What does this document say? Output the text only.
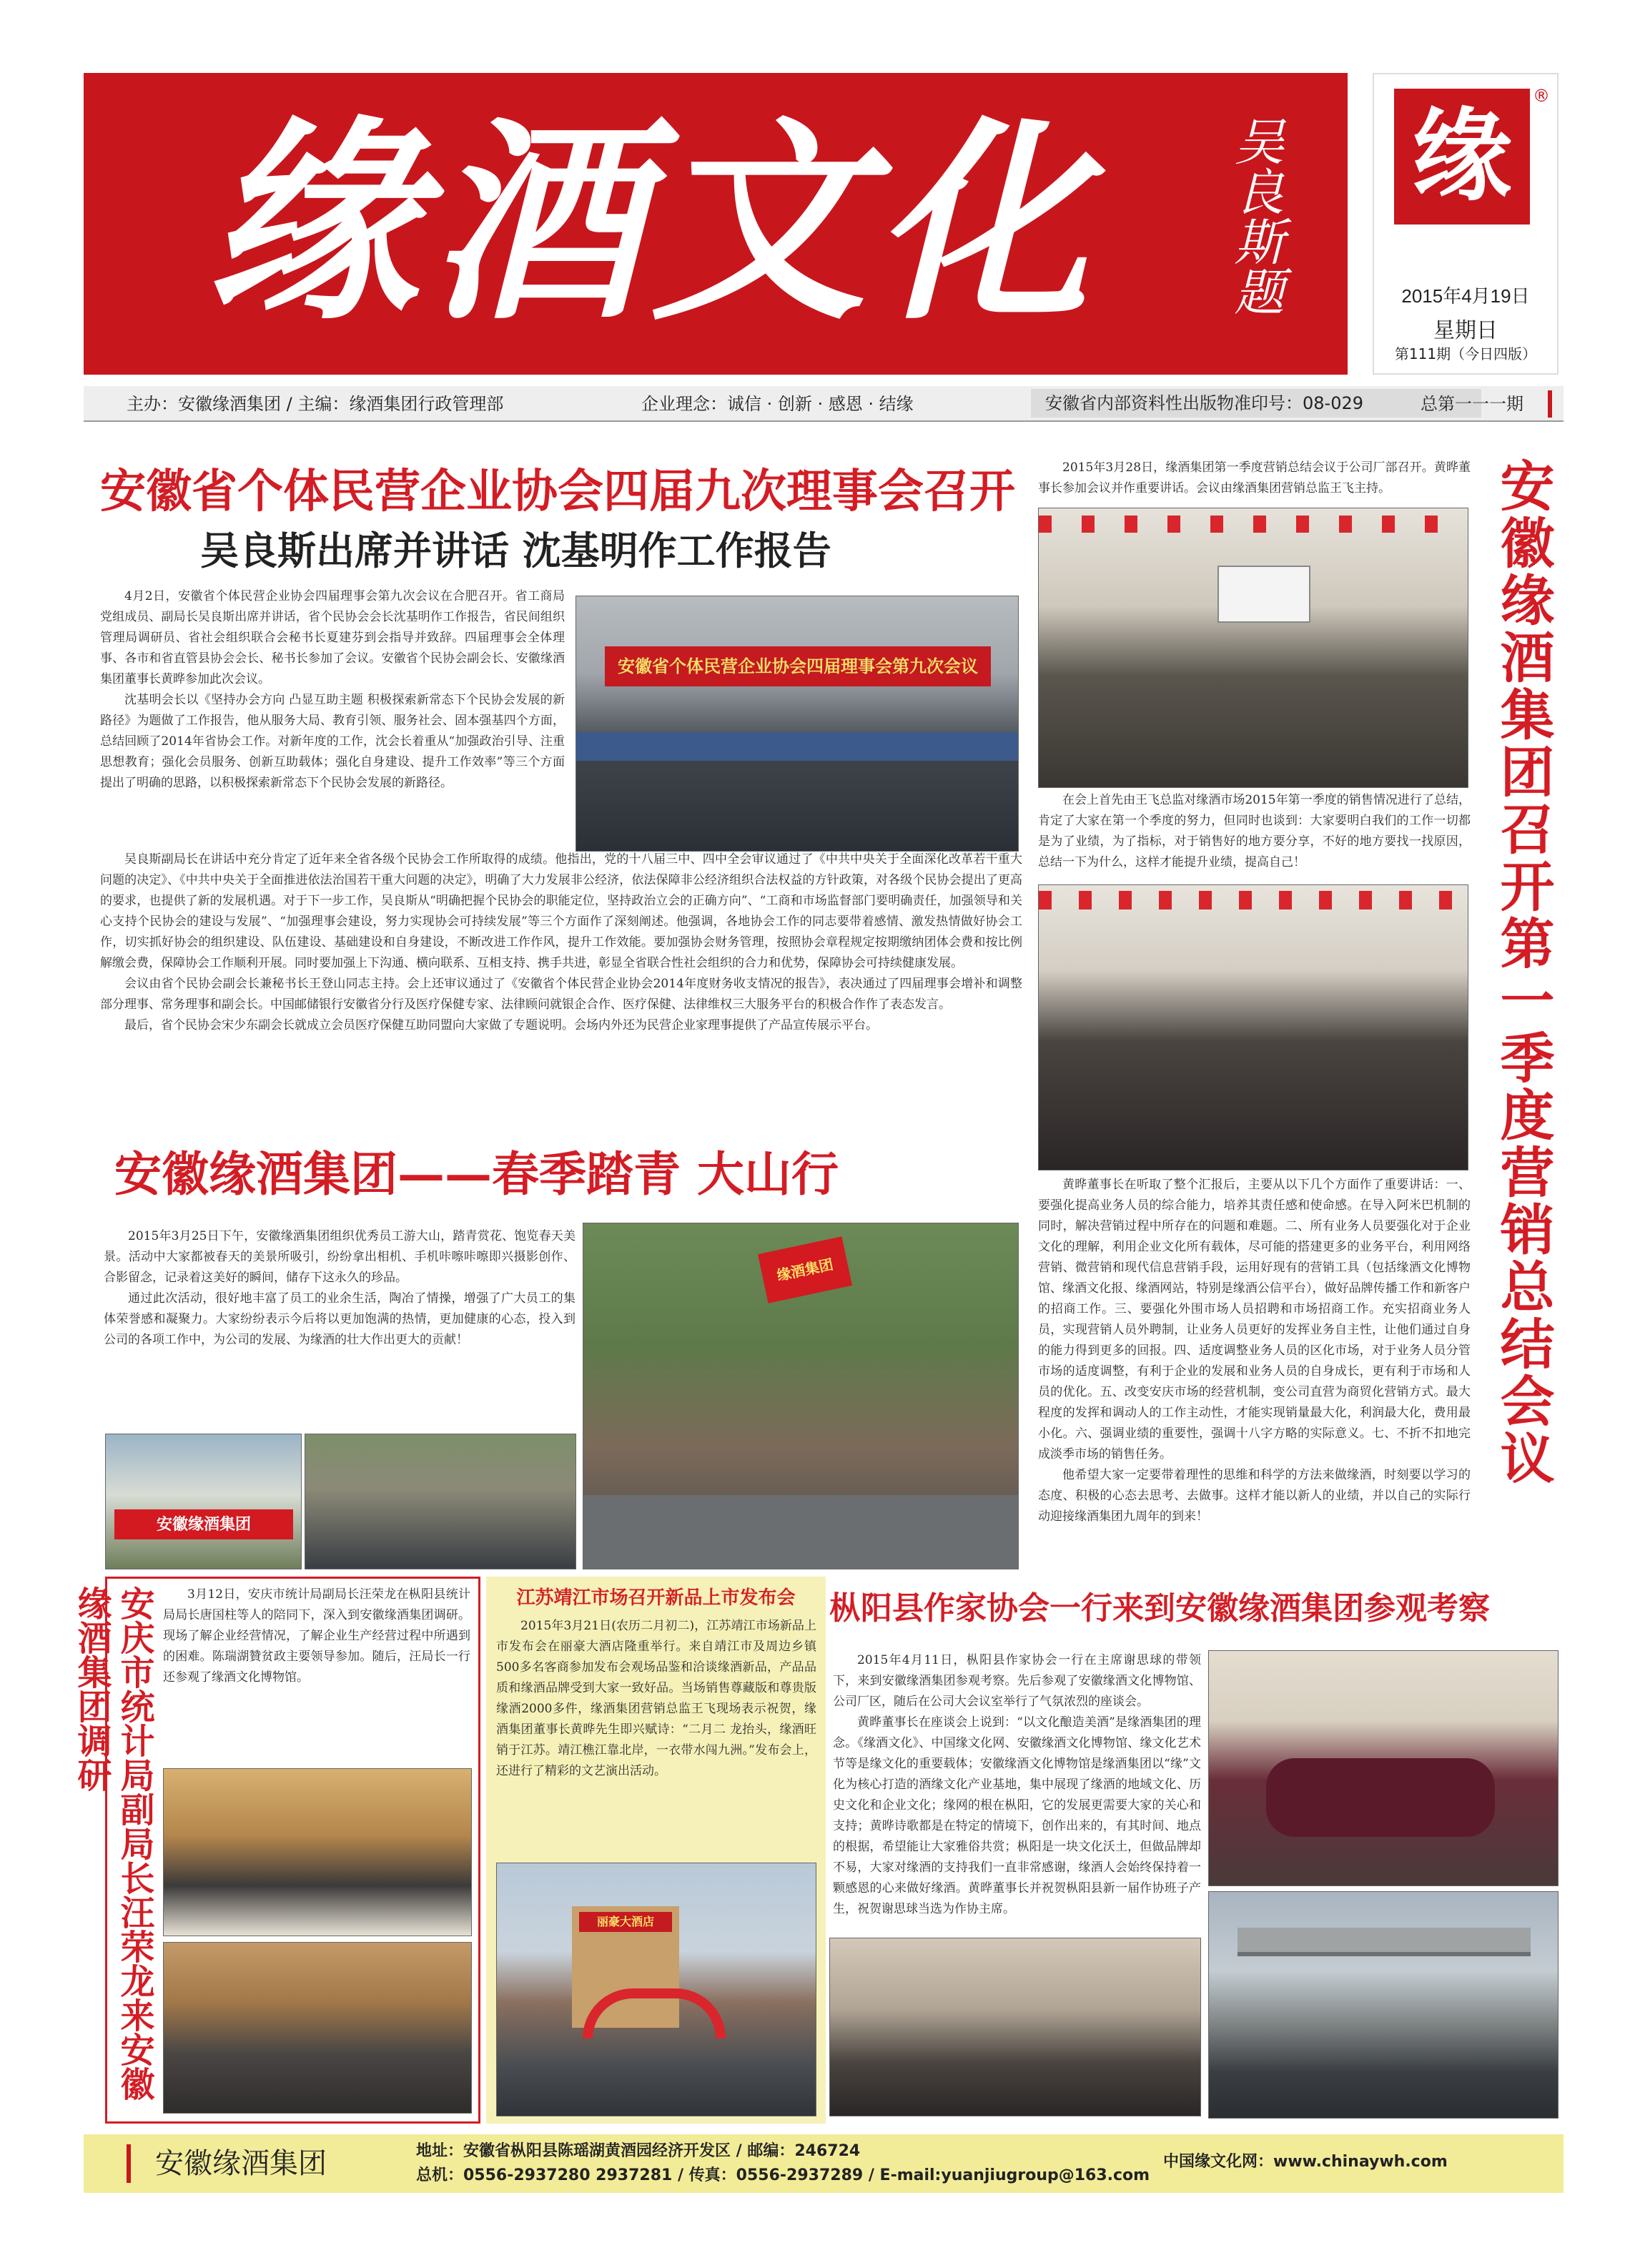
缘酒文化	吴良斯题 缘
®
2015年4月19日
星期日
第111期（今日四版）
主办：安徽缘酒集团 / 主编：缘酒集团行政管理部	企业理念：诚信 · 创新 · 感恩 · 结缘	安徽省内部资料性出版物准印号：08-029	总第一一一期
安徽省个体民营企业协会四届九次理事会召开
吴良斯出席并讲话 沈基明作工作报告

4月2日，安徽省个体民营企业协会四届理事会第九次会议在合肥召开。省工商局党组成员、副局长吴良斯出席并讲话，省个民协会会长沈基明作工作报告，省民间组织管理局调研员、省社会组织联合会秘书长夏建芬到会指导并致辞。四届理事会全体理事、各市和省直管县协会会长、秘书长参加了会议。安徽省个民协会副会长、安徽缘酒集团董事长黄晔参加此次会议。

沈基明会长以《坚持办会方向 凸显互助主题 积极探索新常态下个民协会发展的新路径》为题做了工作报告，他从服务大局、教育引领、服务社会、固本强基四个方面，总结回顾了2014年省协会工作。对新年度的工作，沈会长着重从“加强政治引导、注重思想教育；强化会员服务、创新互助载体；强化自身建设、提升工作效率”等三个方面提出了明确的思路，以积极探索新常态下个民协会发展的新路径。

安徽省个体民营企业协会四届理事会第九次会议

吴良斯副局长在讲话中充分肯定了近年来全省各级个民协会工作所取得的成绩。他指出，党的十八届三中、四中全会审议通过了《中共中央关于全面深化改革若干重大问题的决定》、《中共中央关于全面推进依法治国若干重大问题的决定》，明确了大力发展非公经济，依法保障非公经济组织合法权益的方针政策，对各级个民协会提出了更高的要求，也提供了新的发展机遇。对于下一步工作，吴良斯从“明确把握个民协会的职能定位，坚持政治立会的正确方向”、“工商和市场监督部门要明确责任，加强领导和关心支持个民协会的建设与发展”、“加强理事会建设，努力实现协会可持续发展”等三个方面作了深刻阐述。他强调，各地协会工作的同志要带着感情、激发热情做好协会工作，切实抓好协会的组织建设、队伍建设、基础建设和自身建设，不断改进工作作风，提升工作效能。要加强协会财务管理，按照协会章程规定按期缴纳团体会费和按比例解缴会费，保障协会工作顺利开展。同时要加强上下沟通、横向联系、互相支持、携手共进，彰显全省联合性社会组织的合力和优势，保障协会可持续健康发展。

会议由省个民协会副会长兼秘书长王登山同志主持。会上还审议通过了《安徽省个体民营企业协会2014年度财务收支情况的报告》，表决通过了四届理事会增补和调整部分理事、常务理事和副会长。中国邮储银行安徽省分行及医疗保健专家、法律顾问就银企合作、医疗保健、法律维权三大服务平台的积极合作作了表态发言。

最后，省个民协会宋少东副会长就成立会员医疗保健互助同盟向大家做了专题说明。会场内外还为民营企业家理事提供了产品宣传展示平台。

安徽缘酒集团——春季踏青 大山行

2015年3月25日下午，安徽缘酒集团组织优秀员工游大山，踏青赏花、饱览春天美景。活动中大家都被春天的美景所吸引，纷纷拿出相机、手机咔嚓咔嚓即兴摄影创作、合影留念，记录着这美好的瞬间，储存下这永久的珍品。

通过此次活动，很好地丰富了员工的业余生活，陶冶了情操，增强了广大员工的集体荣誉感和凝聚力。大家纷纷表示今后将以更加饱满的热情，更加健康的心态，投入到公司的各项工作中，为公司的发展、为缘酒的壮大作出更大的贡献！

缘酒集团
安徽缘酒集团

2015年3月28日，缘酒集团第一季度营销总结会议于公司厂部召开。黄晔董事长参加会议并作重要讲话。会议由缘酒集团营销总监王飞主持。

在会上首先由王飞总监对缘酒市场2015年第一季度的销售情况进行了总结，肯定了大家在第一个季度的努力，但同时也谈到：大家要明白我们的工作一切都是为了业绩，为了指标，对于销售好的地方要分享，不好的地方要找一找原因，总结一下为什么，这样才能提升业绩，提高自己！

黄晔董事长在听取了整个汇报后，主要从以下几个方面作了重要讲话：一、要强化提高业务人员的综合能力，培养其责任感和使命感。在导入阿米巴机制的同时，解决营销过程中所存在的问题和难题。二、所有业务人员要强化对于企业文化的理解，利用企业文化所有载体，尽可能的搭建更多的业务平台，利用网络营销、微营销和现代信息营销手段，运用好现有的营销工具（包括缘酒文化博物馆、缘酒文化报、缘酒网站，特别是缘酒公信平台），做好品牌传播工作和新客户的招商工作。三、要强化外围市场人员招聘和市场招商工作。充实招商业务人员，实现营销人员外聘制，让业务人员更好的发挥业务自主性，让他们通过自身的能力得到更多的回报。四、适度调整业务人员的区化市场，对于业务人员分管市场的适度调整，有利于企业的发展和业务人员的自身成长，更有利于市场和人员的优化。五、改变安庆市场的经营机制，变公司直营为商贸化营销方式。最大程度的发挥和调动人的工作主动性，才能实现销量最大化，利润最大化，费用最小化。六、强调业绩的重要性，强调十八字方略的实际意义。七、不折不扣地完成淡季市场的销售任务。

他希望大家一定要带着理性的思维和科学的方法来做缘酒，时刻要以学习的态度、积极的心态去思考、去做事。这样才能以新人的业绩，并以自己的实际行动迎接缘酒集团九周年的到来！

安徽缘酒集团召开第一季度营销总结会议
安庆市统计局副局长汪荣龙来安徽缘酒集团调研	3月12日，安庆市统计局副局长汪荣龙在枞阳县统计局局长唐国柱等人的陪同下，深入到安徽缘酒集团调研。现场了解企业经营情况，了解企业生产经营过程中所遇到的困难。陈瑞湖贊贫政主要领导参加。随后，汪局长一行还参观了缘酒文化博物馆。

江苏靖江市场召开新品上市发布会

2015年3月21日(农历二月初二)，江苏靖江市场新品上市发布会在丽豪大酒店隆重举行。来自靖江市及周边乡镇500多名客商参加发布会观场品鉴和洽谈缘酒新品，产品品质和缘酒品牌受到大家一致好品。当场销售尊藏版和尊贵版缘酒2000多件，缘酒集团营销总监王飞现场表示祝贺，缘酒集团董事长黄晔先生即兴赋诗：“二月二 龙抬头，缘酒旺销于江苏。靖江樵江靠北岸，一衣带水闯九洲。”发布会上，还进行了精彩的文艺演出活动。

丽豪大酒店
枞阳县作家协会一行来到安徽缘酒集团参观考察

2015年4月11日，枞阳县作家协会一行在主席谢思球的带领下，来到安徽缘酒集团参观考察。先后参观了安徽缘酒文化博物馆、公司厂区，随后在公司大会议室举行了气氛浓烈的座谈会。

黄晔董事长在座谈会上说到：“以文化酿造美酒”是缘酒集团的理念。《缘酒文化》、中国缘文化网、安徽缘酒文化博物馆、缘文化艺术节等是缘文化的重要载体；安徽缘酒文化博物馆是缘酒集团以“缘”文化为核心打造的酒缘文化产业基地，集中展现了缘酒的地域文化、历史文化和企业文化；缘网的根在枞阳，它的发展更需要大家的关心和支持；黄晔诗歌都是在特定的情境下，创作出来的，有其时间、地点的根据，希望能让大家雅俗共赏；枞阳是一块文化沃土，但做品牌却不易，大家对缘酒的支持我们一直非常感谢，缘酒人会始终保持着一颗感恩的心来做好缘酒。黄晔董事长并祝贺枞阳县新一届作协班子产生，祝贺谢思球当选为作协主席。

安徽缘酒集团	地址：安徽省枞阳县陈瑶湖黄酒园经济开发区 / 邮编：246724
总机：0556-2937280 2937281 / 传真：0556-2937289 / E-mail:yuanjiugroup@163.com
中国缘文化网：www.chinaywh.com
